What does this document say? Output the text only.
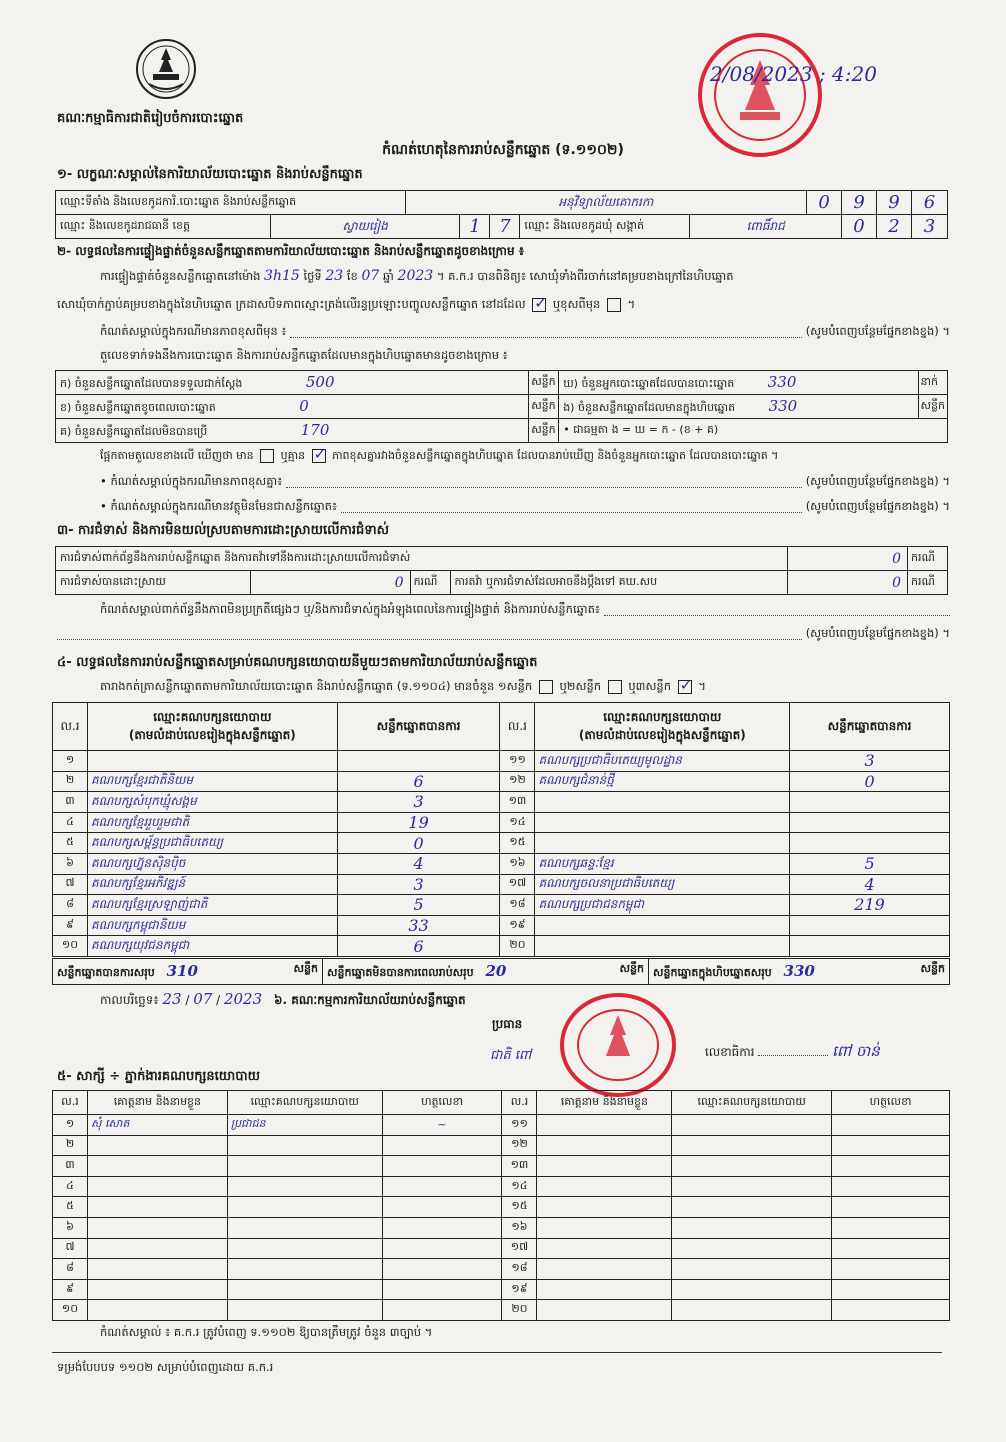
គណៈកម្មាធិការជាតិរៀបចំការបោះឆ្នោត
2/08/2023 ; 4:20
កំណត់ហេតុនៃការរាប់សន្លឹកឆ្នោត (ទ.១១០២)
១- លក្ខណៈសម្គាល់នៃការិយាល័យបោះឆ្នោត និងរាប់សន្លឹកឆ្នោត
ឈ្មោះទីតាំង និងលេខកូដការិ.បោះឆ្នោត និងរាប់សន្លឹកឆ្នោត	អនុវិទ្យាល័យគោករកា	0	9	9	6
ឈ្មោះ និងលេខកូដរាជធានី ខេត្ត	ស្វាយរៀង	1	7	ឈ្មោះ និងលេខកូដឃុំ សង្កាត់	ពោធិ៍រាជ	0	2	3
២- លទ្ធផលនៃការផ្ទៀងផ្ទាត់ចំនួនសន្លឹកឆ្នោតតាមការិយាល័យបោះឆ្នោត និងរាប់សន្លឹកឆ្នោតដូចខាងក្រោម ៖
ការផ្ទៀងផ្ទាត់ចំនួនសន្លឹកឆ្នោតនៅម៉ោង 3h15 ថ្ងៃទី 23 ខែ 07 ឆ្នាំ 2023 ។ គ.ក.រ បានពិនិត្យ៖ សោឃុំទាំងពីរចាក់នៅគម្របខាងក្រៅនៃហិបឆ្នោត
សោឃុំចាក់ភ្ជាប់គម្របខាងក្នុងនៃហិបឆ្នោត ក្រដាសបិទភាពស្មោះត្រង់លើរន្ធប្រឡោះបញ្ចូលសន្លឹកឆ្នោត នៅដដែល ✓ ឬខុសពីមុន  ។
កំណត់សម្គាល់ក្នុងករណីមានភាពខុសពីមុន ៖	(សូមបំពេញបន្ថែមផ្នែកខាងខ្នង) ។
តួលេខទាក់ទងនឹងការបោះឆ្នោត និងការរាប់សន្លឹកឆ្នោតដែលមានក្នុងហិបឆ្នោតមានដូចខាងក្រោម ៖
ក) ចំនួនសន្លឹកឆ្នោតដែលបានទទួលជាក់ស្តែង 500	សន្លឹក	ឃ) ចំនួនអ្នកបោះឆ្នោតដែលបានបោះឆ្នោត 330	នាក់
ខ) ចំនួនសន្លឹកឆ្នោតខូចពេលបោះឆ្នោត 0	សន្លឹក	ង) ចំនួនសន្លឹកឆ្នោតដែលមានក្នុងហិបឆ្នោត 330	សន្លឹក
គ) ចំនួនសន្លឹកឆ្នោតដែលមិនបានប្រើ 170	សន្លឹក	• ជាធម្មតា ង = ឃ = ក - (ខ + គ)	
ផ្អែកតាមតួលេខខាងលើ ឃើញថា មាន ឬគ្មាន ✓ ភាពខុសគ្នារវាងចំនួនសន្លឹកឆ្នោតក្នុងហិបឆ្នោត ដែលបានរាប់ឃើញ និងចំនួនអ្នកបោះឆ្នោត ដែលបានបោះឆ្នោត ។
• កំណត់សម្គាល់ក្នុងករណីមានភាពខុសគ្នា៖	(សូមបំពេញបន្ថែមផ្នែកខាងខ្នង) ។
• កំណត់សម្គាល់ក្នុងករណីមានវត្ថុមិនមែនជាសន្លឹកឆ្នោត៖	(សូមបំពេញបន្ថែមផ្នែកខាងខ្នង) ។
៣- ការជំទាស់ និងការមិនយល់ស្របតាមការដោះស្រាយលើការជំទាស់
ការជំទាស់ពាក់ព័ន្ធនឹងការរាប់សន្លឹកឆ្នោត និងការតវ៉ាទៅនឹងការដោះស្រាយលើការជំទាស់				0	ករណី
ការជំទាស់បានដោះស្រាយ	0	ករណី	ការតវ៉ា ឬការជំទាស់ដែលអាចនឹងប្តឹងទៅ គឃ.សប	0	ករណី
កំណត់សម្គាល់ពាក់ព័ន្ធនឹងភាពមិនប្រក្រតីផ្សេងៗ ឬ/និងការជំទាស់ក្នុងអំឡុងពេលនៃការផ្ទៀងផ្ទាត់ និងការរាប់សន្លឹកឆ្នោត៖
(សូមបំពេញបន្ថែមផ្នែកខាងខ្នង) ។
៤- លទ្ធផលនៃការរាប់សន្លឹកឆ្នោតសម្រាប់គណបក្សនយោបាយនីមួយៗតាមការិយាល័យរាប់សន្លឹកឆ្នោត
តារាងកត់ត្រាសន្លឹកឆ្នោតតាមការិយាល័យបោះឆ្នោត និងរាប់សន្លឹកឆ្នោត (ទ.១១០៤) មានចំនួន ១សន្លឹក ឬ២សន្លឹក ឬ៣សន្លឹក ✓ ។
ល.រ	ឈ្មោះគណបក្សនយោបាយ
(តាមលំដាប់លេខរៀងក្នុងសន្លឹកឆ្នោត)	សន្លឹកឆ្នោតបានការ	ល.រ	ឈ្មោះគណបក្សនយោបាយ
(តាមលំដាប់លេខរៀងក្នុងសន្លឹកឆ្នោត)	សន្លឹកឆ្នោតបានការ
១			១១	គណបក្សប្រជាធិបតេយ្យមូលដ្ឋាន	3
២	គណបក្សខ្មែរជាតិនិយម	6	១២	គណបក្សជំនាន់ថ្មី	0
៣	គណបក្សសំបុកឃ្មុំសង្គម	3	១៣		
៤	គណបក្សខ្មែររួបរួមជាតិ	19	១៤		
៥	គណបក្សសម្ព័ន្ធប្រជាធិបតេយ្យ	0	១៥		
៦	គណបក្សហ្វ៊ុនស៊ិនប៉ិច	4	១៦	គណបក្សឆន្ទៈខ្មែរ	5
៧	គណបក្សខ្មែរអភិវឌ្ឍន៍	3	១៧	គណបក្សចលនាប្រជាធិបតេយ្យ	4
៨	គណបក្សខ្មែរស្រឡាញ់ជាតិ	5	១៨	គណបក្សប្រជាជនកម្ពុជា	219
៩	គណបក្សកម្ពុជានិយម	33	១៩		
១០	គណបក្សយុវជនកម្ពុជា	6	២០		
សន្លឹកឆ្នោតបានការសរុប 310	សន្លឹក	សន្លឹកឆ្នោតមិនបានការពេលរាប់សរុប 20	សន្លឹក	សន្លឹកឆ្នោតក្នុងហិបឆ្នោតសរុប 330	សន្លឹក
កាលបរិច្ឆេទ៖ 23 / 07 / 2023 ៦. គណៈកម្មការការិយាល័យរាប់សន្លឹកឆ្នោត
ប្រធាន
ជាតិ ពៅ	លេខាធិការ	ពៅ ចាន់
៥- សាក្សី ÷ ភ្នាក់ងារគណបក្សនយោបាយ
ល.រ	គោត្តនាម និងនាមខ្លួន	ឈ្មោះគណបក្សនយោបាយ	ហត្ថលេខា	ល.រ	គោត្តនាម និងនាមខ្លួន	ឈ្មោះគណបក្សនយោបាយ	ហត្ថលេខា
១	សុំ សោត	ប្រជាជន	~	១១			
២				១២			
៣				១៣			
៤				១៤			
៥				១៥			
៦				១៦			
៧				១៧			
៨				១៨			
៩				១៩			
១០				២០			
កំណត់សម្គាល់ ៖ គ.ក.រ ត្រូវបំពេញ ទ.១១០២ ឱ្យបានត្រឹមត្រូវ ចំនួន ៣ច្បាប់ ។
ទម្រង់បែបបទ ១១០២ សម្រាប់បំពេញដោយ គ.ក.រ
